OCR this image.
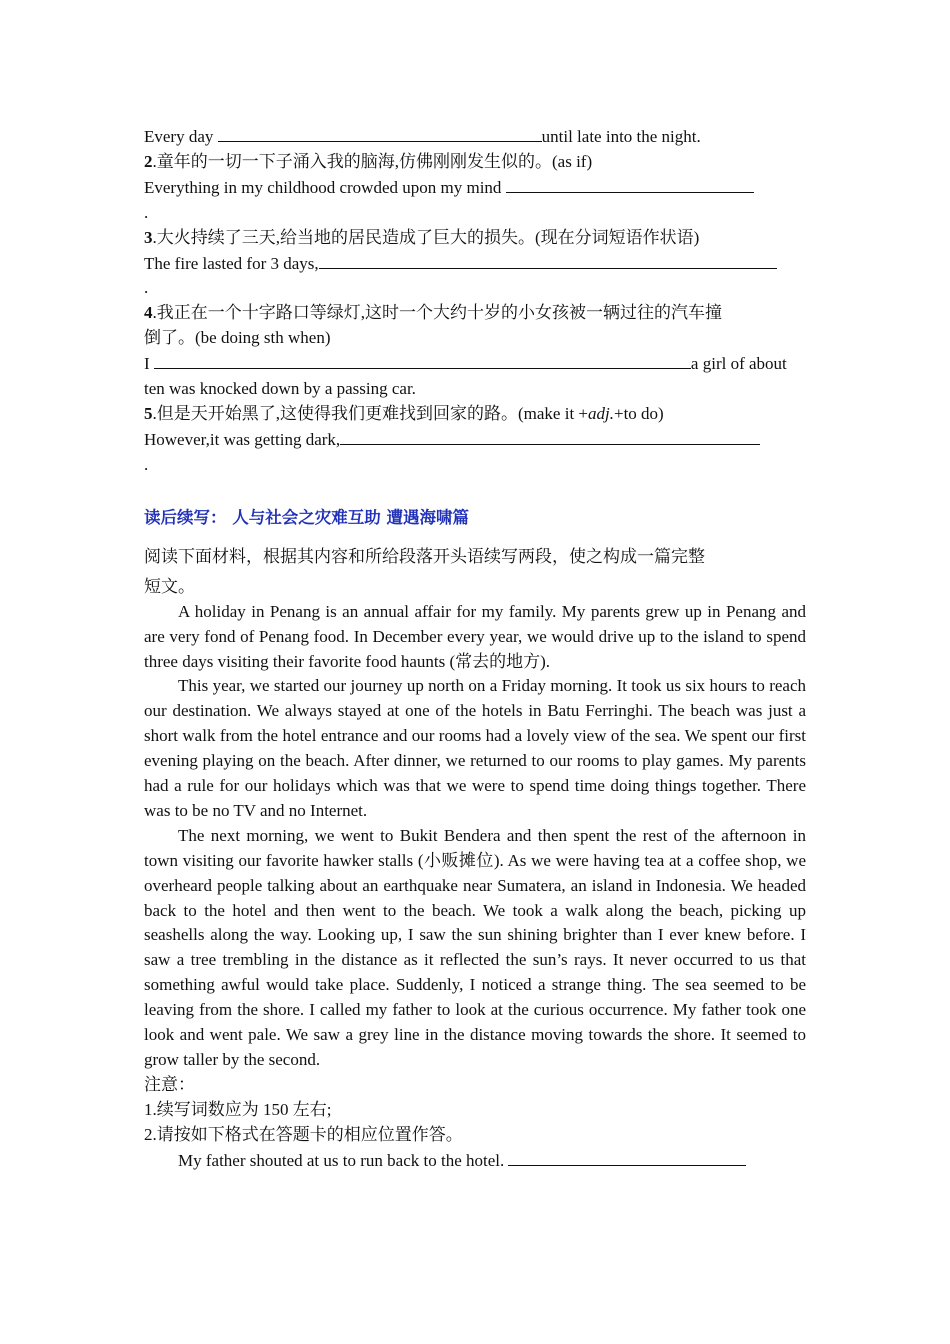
Every day	until late into the night.
2.童年的一切一下子涌入我的脑海,仿佛刚刚发生似的。(as if)
Everything in my childhood crowded upon my mind
.
3.大火持续了三天,给当地的居民造成了巨大的损失。(现在分词短语作状语)
The fire lasted for 3 days,
.
4.我正在一个十字路口等绿灯,这时一个大约十岁的小女孩被一辆过往的汽车撞
倒了。(be doing sth when)
I	a girl of about
ten was knocked down by a passing car.
5.但是天开始黑了,这使得我们更难找到回家的路。(make it +adj.+to do)
However,it was getting dark,
.
读后续写： 人与社会之灾难互助 遭遇海啸篇
阅读下面材料，根据其内容和所给段落开头语续写两段，使之构成一篇完整
短文。
A holiday in Penang is an annual affair for my family. My parents grew up in Penang and are very fond of Penang food. In December every year, we would drive up to the island to spend three days visiting their favorite food haunts (常去的地方).
This year, we started our journey up north on a Friday morning. It took us six hours to reach our destination. We always stayed at one of the hotels in Batu Ferringhi. The beach was just a short walk from the hotel entrance and our rooms had a lovely view of the sea. We spent our first evening playing on the beach. After dinner, we returned to our rooms to play games. My parents had a rule for our holidays which was that we were to spend time doing things together. There was to be no TV and no Internet.
The next morning, we went to Bukit Bendera and then spent the rest of the afternoon in town visiting our favorite hawker stalls (小贩摊位). As we were having tea at a coffee shop, we overheard people talking about an earthquake near Sumatera, an island in Indonesia. We headed back to the hotel and then went to the beach. We took a walk along the beach, picking up seashells along the way. Looking up, I saw the sun shining brighter than I ever knew before. I saw a tree trembling in the distance as it reflected the sun’s rays. It never occurred to us that something awful would take place. Suddenly, I noticed a strange thing. The sea seemed to be leaving from the shore. I called my father to look at the curious occurrence. My father took one look and went pale. We saw a grey line in the distance moving towards the shore. It seemed to grow taller by the second.
注意：
1.续写词数应为 150 左右;
2.请按如下格式在答题卡的相应位置作答。
My father shouted at us to run back to the hotel.
